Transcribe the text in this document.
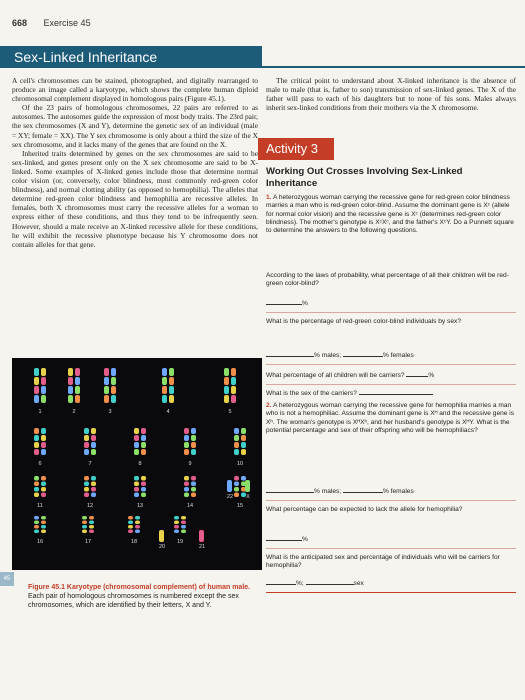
668 Exercise 45
Sex-Linked Inheritance

A cell's chromosomes can be stained, photographed, and digitally rearranged to produce an image called a karyotype, which shows the complete human diploid chromosomal complement displayed in homologous pairs (Figure 45.1).

Of the 23 pairs of homologous chromosomes, 22 pairs are referred to as autosomes. The autosomes guide the expression of most body traits. The 23rd pair, the sex chromosomes (X and Y), determine the genetic sex of an individual (male = XY; female = XX). The Y sex chromosome is only about a third the size of the X sex chromosome, and it lacks many of the genes that are found on the X.

Inherited traits determined by genes on the sex chromosomes are said to be sex-linked, and genes present only on the X sex chromosome are said to be X-linked. Some examples of X-linked genes include those that determine normal color vision (or, conversely, color blindness, most commonly red-green color blindness), and normal clotting ability (as opposed to hemophilia). The alleles that determine red-green color blindness and hemophilia are recessive alleles. In females, both X chromosomes must carry the recessive alleles for a woman to express either of these conditions, and thus they tend to be infrequently seen. However, should a male receive an X-linked recessive allele for these conditions, he will exhibit the recessive phenotype because his Y chromosome does not contain alleles for that gene.

The critical point to understand about X-linked inheritance is the absence of male to male (that is, father to son) transmission of sex-linked genes. The X of the father will pass to each of his daughters but to none of his sons. Males always inherit sex-linked conditions from their mothers via the X chromosome.
Activity 3
Working Out Crosses Involving Sex-Linked Inheritance
1. A heterozygous woman carrying the recessive gene for red-green color blindness marries a man who is red-green color-blind. Assume the dominant gene is Xᶜ (allele for normal color vision) and the recessive gene is Xᶜ (determines red-green color blindness). The mother's genotype is XᶜXᶜ, and the father's XᶜY. Do a Punnett square to determine the answers to the following questions.
According to the laws of probability, what percentage of all their children will be red-green color-blind?
%
What is the percentage of red-green color-blind individuals by sex?
% males;	% females
What percentage of all children will be carriers?	%
What is the sex of the carriers?
2. A heterozygous woman carrying the recessive gene for hemophilia marries a man who is not a hemophiliac. Assume the dominant gene is Xᴴ and the recessive gene is Xʰ. The woman's genotype is XᴴXʰ, and her husband's genotype is XᴴY. What is the potential percentage and sex of their offspring who will be hemophiliacs?
% males;	% females
What percentage can be expected to lack the allele for hemophilia?
%
What is the anticipated sex and percentage of individuals who will be carriers for hemophilia?
%;	sex
1	2	3	4	5
6	7	8	9	10
11	12	13	14	15
16	17	18	19
20	21
22 X
45
Figure 45.1 Karyotype (chromosomal complement) of human male. Each pair of homologous chromosomes is numbered except the sex chromosomes, which are identified by their letters, X and Y.
